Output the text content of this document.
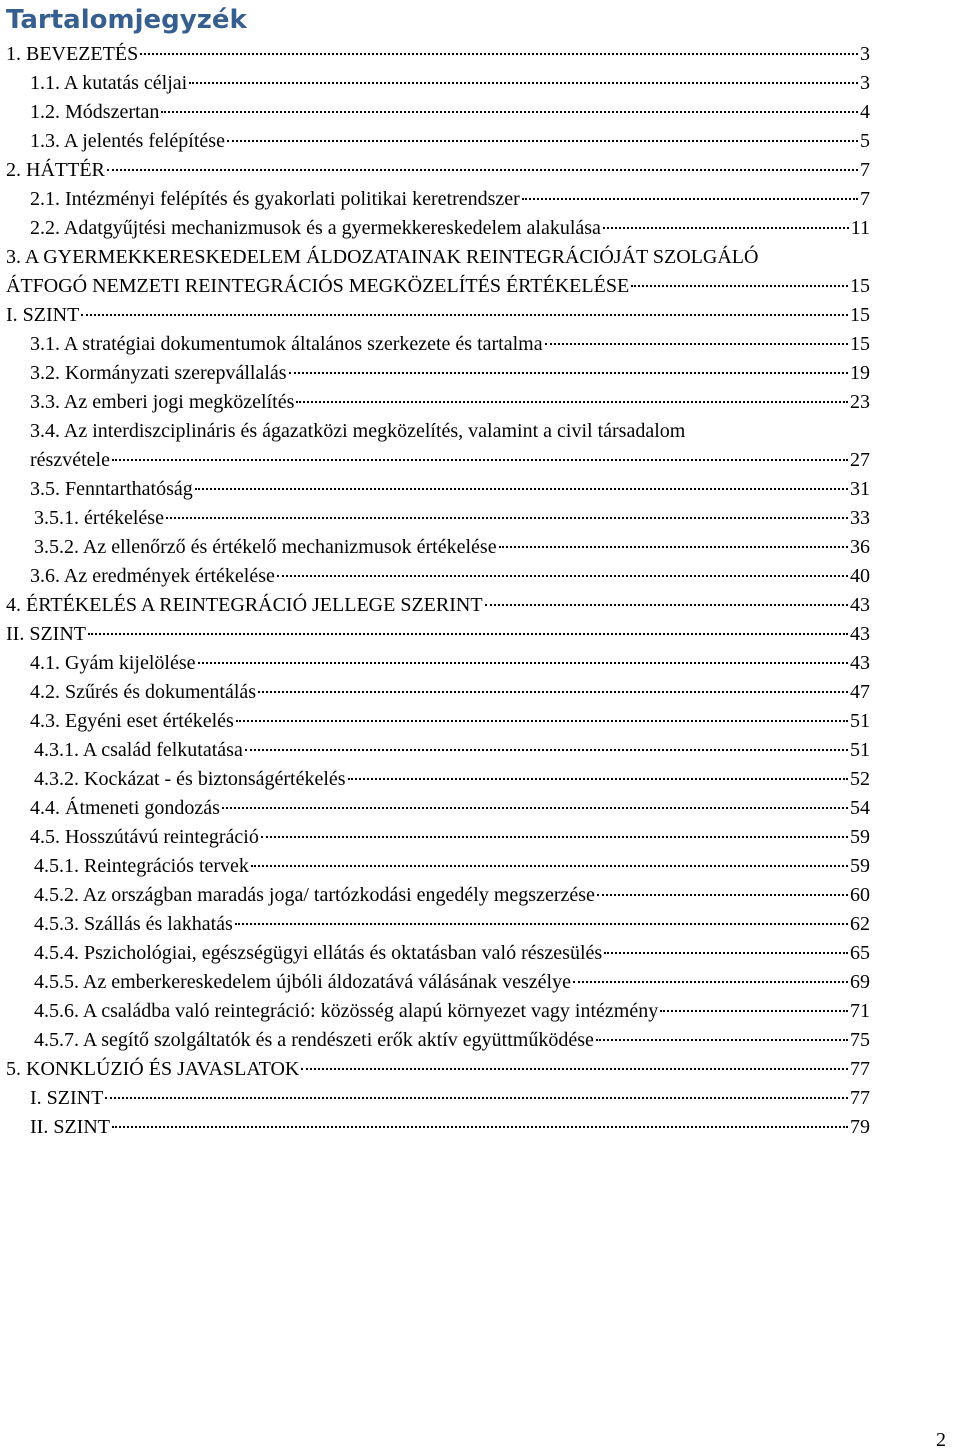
Tartalomjegyzék
1. BEVEZETÉS	3
1.1. A kutatás céljai	3
1.2. Módszertan	4
1.3. A jelentés felépítése	5
2. HÁTTÉR	7
2.1. Intézményi felépítés és gyakorlati politikai keretrendszer	7
2.2. Adatgyűjtési mechanizmusok és a gyermekkereskedelem alakulása	11
3. A GYERMEKKERESKEDELEM ÁLDOZATAINAK REINTEGRÁCIÓJÁT SZOLGÁLÓ
ÁTFOGÓ NEMZETI REINTEGRÁCIÓS MEGKÖZELÍTÉS ÉRTÉKELÉSE	15
I. SZINT	15
3.1. A stratégiai dokumentumok általános szerkezete és tartalma	15
3.2. Kormányzati szerepvállalás	19
3.3. Az emberi jogi megközelítés	23
3.4. Az interdiszciplináris és ágazatközi megközelítés, valamint a civil társadalom
részvétele	27
3.5. Fenntarthatóság	31
3.5.1. értékelése	33
3.5.2. Az ellenőrző és értékelő mechanizmusok értékelése	36
3.6. Az eredmények értékelése	40
4. ÉRTÉKELÉS A REINTEGRÁCIÓ JELLEGE SZERINT	43
II. SZINT	43
4.1. Gyám kijelölése	43
4.2. Szűrés és dokumentálás	47
4.3. Egyéni eset értékelés	51
4.3.1. A család felkutatása	51
4.3.2. Kockázat - és biztonságértékelés	52
4.4. Átmeneti gondozás	54
4.5. Hosszútávú reintegráció	59
4.5.1. Reintegrációs tervek	59
4.5.2. Az országban maradás joga/ tartózkodási engedély megszerzése	60
4.5.3. Szállás és lakhatás	62
4.5.4. Pszichológiai, egészségügyi ellátás és oktatásban való részesülés	65
4.5.5. Az emberkereskedelem újbóli áldozatává válásának veszélye	69
4.5.6. A családba való reintegráció: közösség alapú környezet vagy intézmény	71
4.5.7. A segítő szolgáltatók és a rendészeti erők aktív együttműködése	75
5. KONKLÚZIÓ ÉS JAVASLATOK	77
I. SZINT	77
II. SZINT	79
2
